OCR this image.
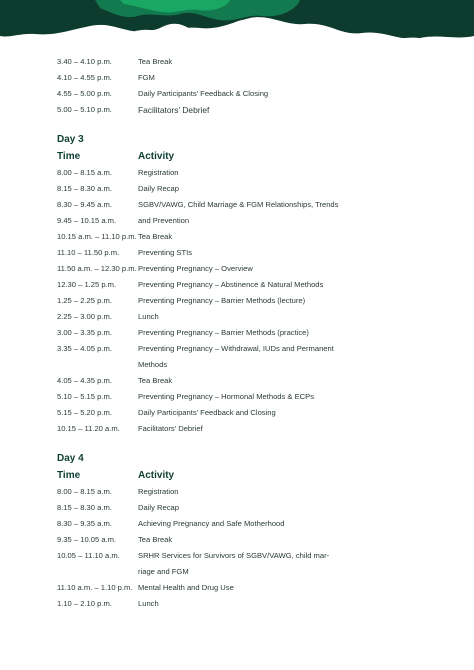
3.40 – 4.10 p.m.	Tea Break
4.10 – 4.55 p.m.	FGM
4.55 – 5.00 p.m.	Daily Participants’ Feedback & Closing
5.00 – 5.10 p.m.	Facilitators’ Debrief
Day 3
Time	Activity
8.00 – 8.15 a.m.	Registration
8.15 – 8.30 a.m.	Daily Recap
8.30 – 9.45 a.m.	SGBV/VAWG, Child Marriage & FGM Relationships, Trends
9.45 – 10.15 a.m.	and Prevention
10.15 a.m. – 11.10 p.m. Tea Break
11.10 – 11.50 p.m. Preventing STIs
11.50 a.m. – 12.30 p.m. Preventing Pregnancy – Overview
12.30 – 1.25 p.m.	Preventing Pregnancy – Abstinence & Natural Methods
1.25 – 2.25 p.m.	Preventing Pregnancy – Barrier Methods (lecture)
2.25 – 3.00 p.m.	Lunch
3.00 – 3.35 p.m.	Preventing Pregnancy – Barrier Methods (practice)
3.35 – 4.05 p.m.	Preventing Pregnancy – Withdrawal, IUDs and Permanent
Methods
4.05 – 4.35 p.m.	Tea Break
5.10 – 5.15 p.m.	Preventing Pregnancy – Hormonal Methods & ECPs
5.15 – 5.20 p.m.	Daily Participants’ Feedback and Closing
10.15 – 11.20 a.m. Facilitators’ Debrief
Day 4
Time	Activity
8.00 – 8.15 a.m.	Registration
8.15 – 8.30 a.m.	Daily Recap
8.30 – 9.35 a.m.	Achieving Pregnancy and Safe Motherhood
9.35 – 10.05 a.m.	Tea Break
10.05 – 11.10 a.m. SRHR Services for Survivors of SGBV/VAWG, child mar-
riage and FGM
11.10 a.m. – 1.10 p.m. Mental Health and Drug Use
1.10 – 2.10 p.m.	Lunch
